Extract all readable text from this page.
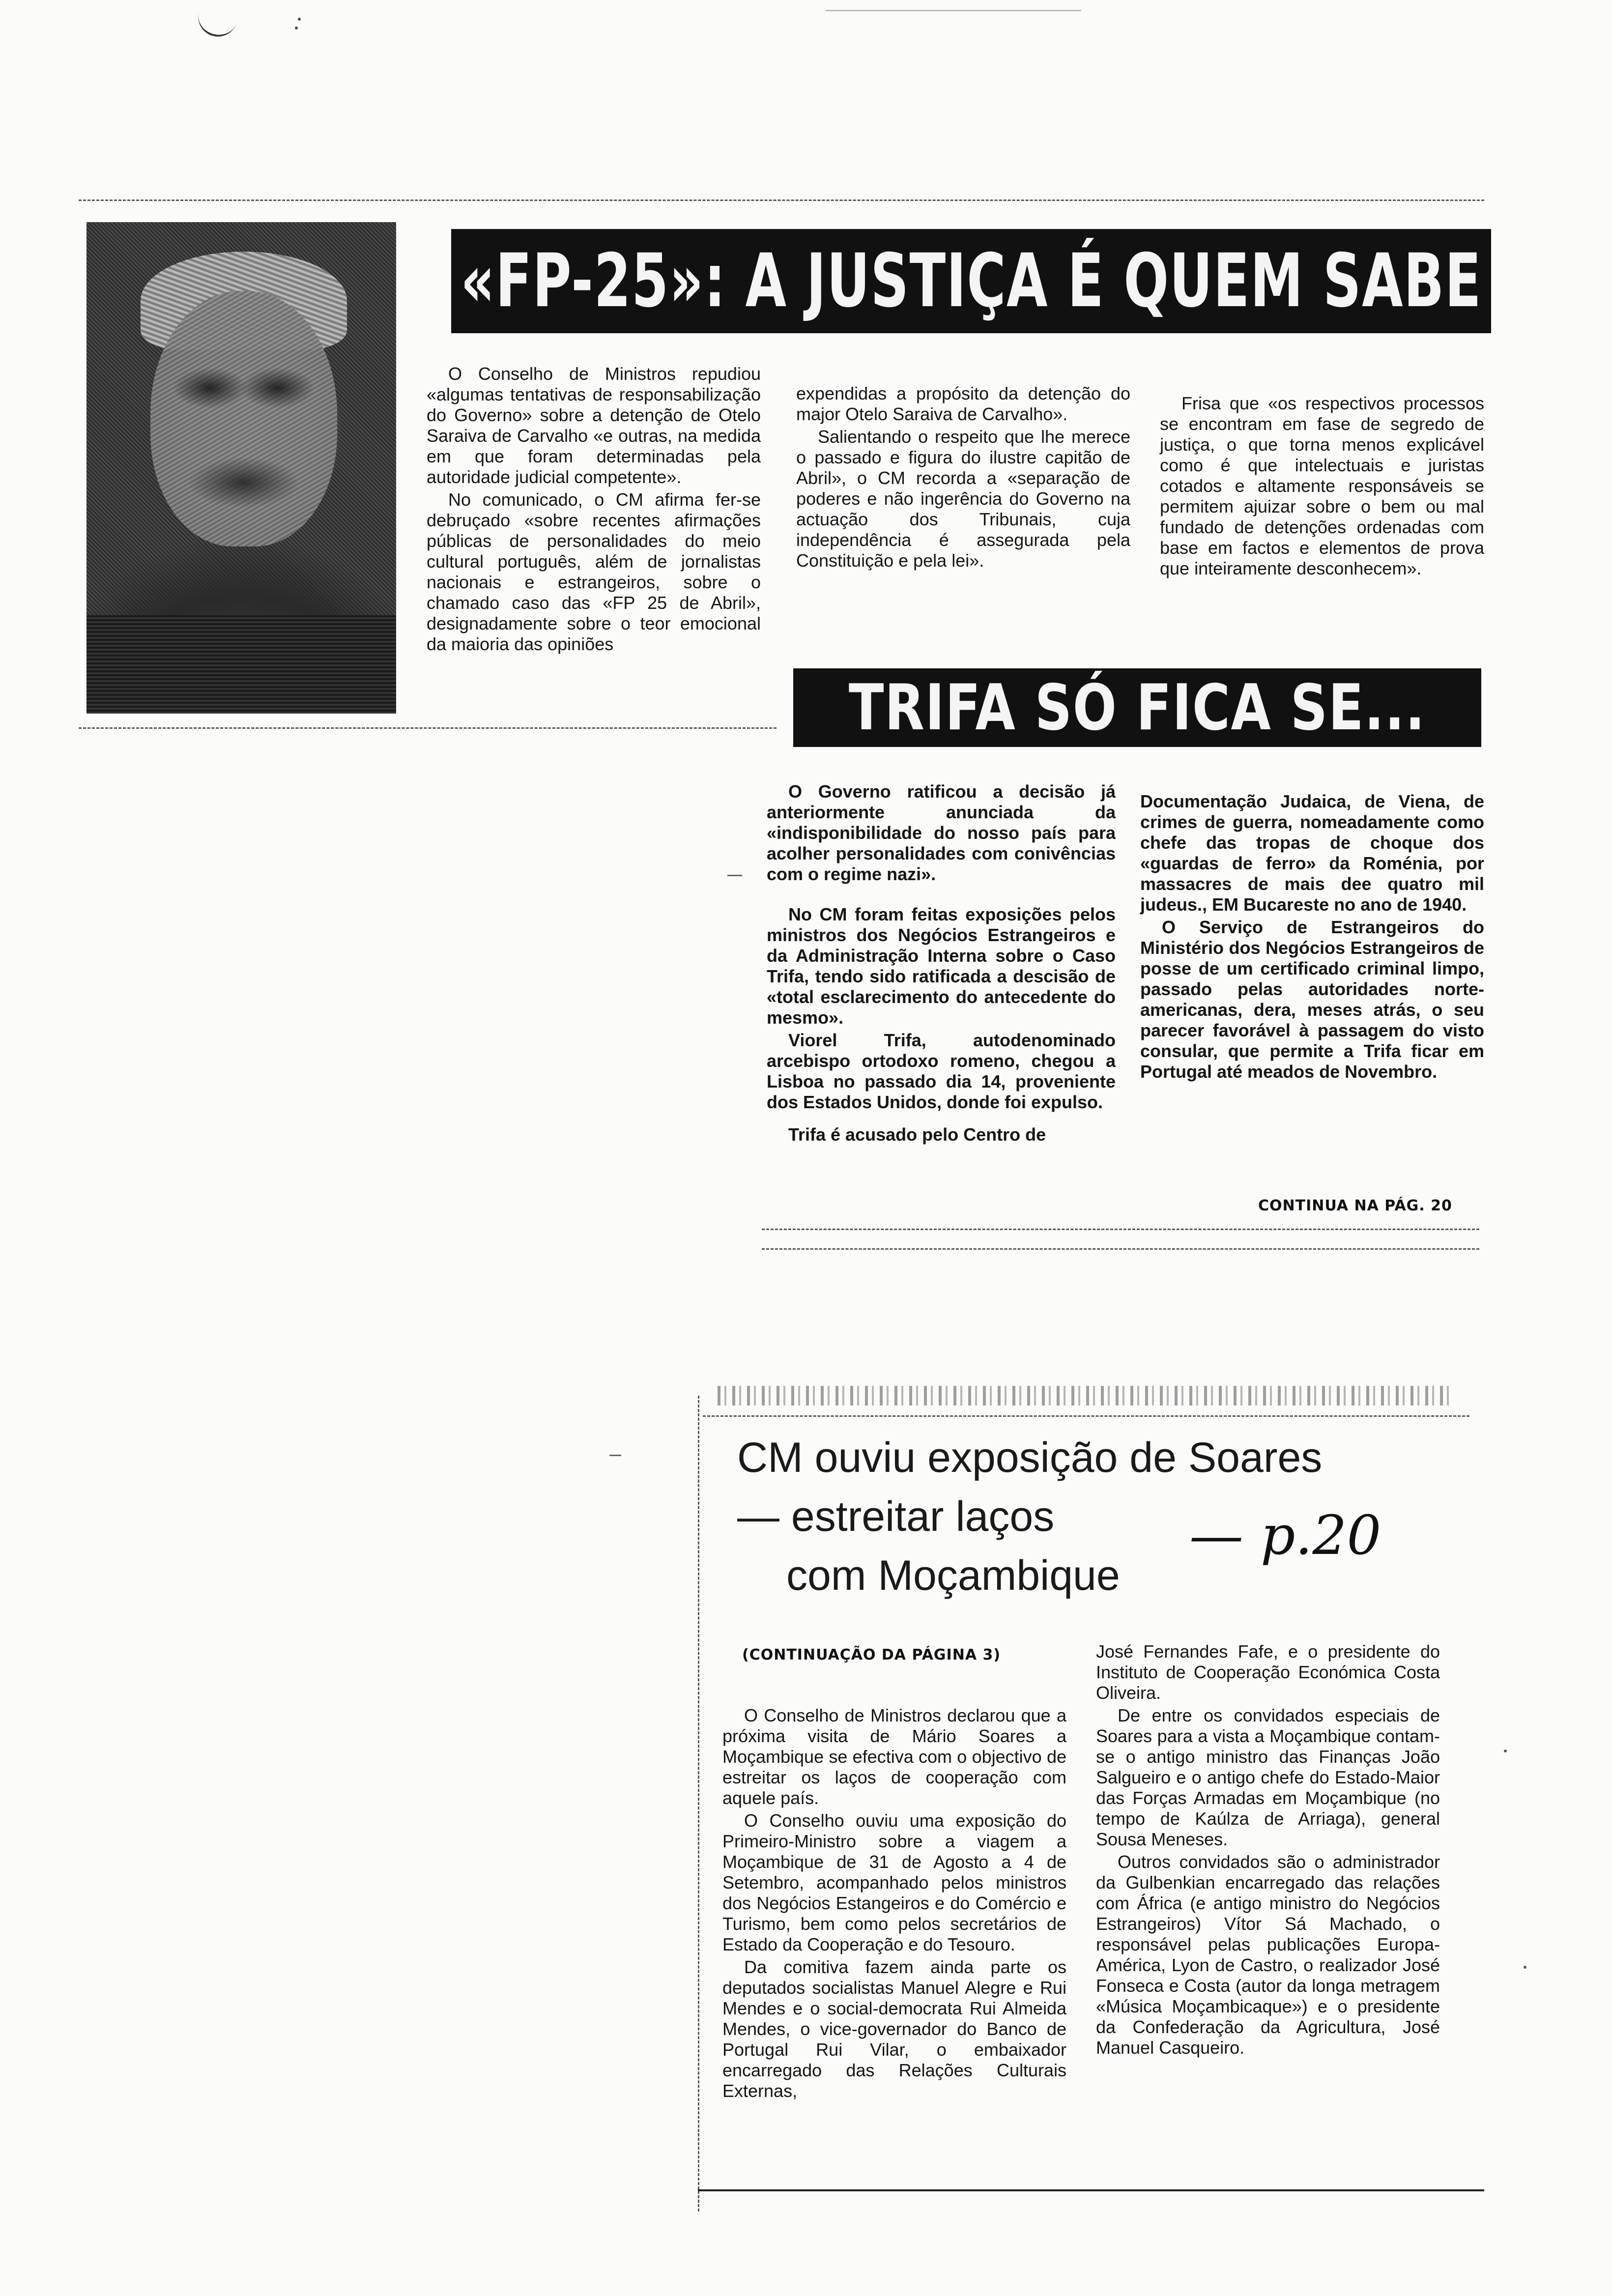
«FP-25»: A JUSTIÇA É QUEM SABE

O Conselho de Ministros repudiou «algumas tentativas de responsabilização do Governo» sobre a detenção de Otelo Saraiva de Carvalho «e outras, na medida em que foram determinadas pela autoridade judicial competente».

No comunicado, o CM afirma fer-se debruçado «sobre recentes afirmações públicas de personalidades do meio cultural português, além de jornalistas nacionais e estrangeiros, sobre o chamado caso das «FP 25 de Abril», designadamente sobre o teor emocional da maioria das opiniões

expendidas a propósito da detenção do major Otelo Saraiva de Carvalho».

Salientando o respeito que lhe merece o passado e figura do ilustre capitão de Abril», o CM recorda a «separação de poderes e não ingerência do Governo na actuação dos Tribunais, cuja independência é assegurada pela Constituição e pela lei».

Frisa que «os respectivos processos se encontram em fase de segredo de justiça, o que torna menos explicável como é que intelectuais e juristas cotados e altamente responsáveis se permitem ajuizar sobre o bem ou mal fundado de detenções ordenadas com base em factos e elementos de prova que inteiramente desconhecem».

TRIFA SÓ FICA SE...

O Governo ratificou a decisão já anteriormente anunciada da «indisponibilidade do nosso país para acolher personalidades com conivências com o regime nazi».

No CM foram feitas exposições pelos ministros dos Negócios Estrangeiros e da Administração Interna sobre o Caso Trifa, tendo sido ratificada a descisão de «total esclarecimento do antecedente do mesmo».

Viorel Trifa, autodenominado arcebispo ortodoxo romeno, chegou a Lisboa no passado dia 14, proveniente dos Estados Unidos, donde foi expulso.

Trifa é acusado pelo Centro de

Documentação Judaica, de Viena, de crimes de guerra, nomeadamente como chefe das tropas de choque dos «guardas de ferro» da Roménia, por massacres de mais dee quatro mil judeus., EM Bucareste no ano de 1940.

O Serviço de Estrangeiros do Ministério dos Negócios Estrangeiros de posse de um certificado criminal limpo, passado pelas autoridades norte-americanas, dera, meses atrás, o seu parecer favorável à passagem do visto consular, que permite a Trifa ficar em Portugal até meados de Novembro.

CONTINUA NA PÁG. 20
CM ouviu exposição de Soares
— estreitar laços
com Moçambique
— p.20
(CONTINUAÇÃO DA PÁGINA 3)

O Conselho de Ministros declarou que a próxima visita de Mário Soares a Moçambique se efectiva com o objectivo de estreitar os laços de cooperação com aquele país.

O Conselho ouviu uma exposição do Primeiro-Ministro sobre a viagem a Moçambique de 31 de Agosto a 4 de Setembro, acompanhado pelos ministros dos Negócios Estangeiros e do Comércio e Turismo, bem como pelos secretários de Estado da Cooperação e do Tesouro.

Da comitiva fazem ainda parte os deputados socialistas Manuel Alegre e Rui Mendes e o social-democrata Rui Almeida Mendes, o vice-governador do Banco de Portugal Rui Vilar, o embaixador encarregado das Relações Culturais Externas,

José Fernandes Fafe, e o presidente do Instituto de Cooperação Económica Costa Oliveira.

De entre os convidados especiais de Soares para a vista a Moçambique contam-se o antigo ministro das Finanças João Salgueiro e o antigo chefe do Estado-Maior das Forças Armadas em Moçambique (no tempo de Kaúlza de Arriaga), general Sousa Meneses.

Outros convidados são o administrador da Gulbenkian encarregado das relações com África (e antigo ministro do Negócios Estrangeiros) Vítor Sá Machado, o responsável pelas publicações Europa-América, Lyon de Castro, o realizador José Fonseca e Costa (autor da longa metragem «Música Moçambicaque») e o presidente da Confederação da Agricultura, José Manuel Casqueiro.
